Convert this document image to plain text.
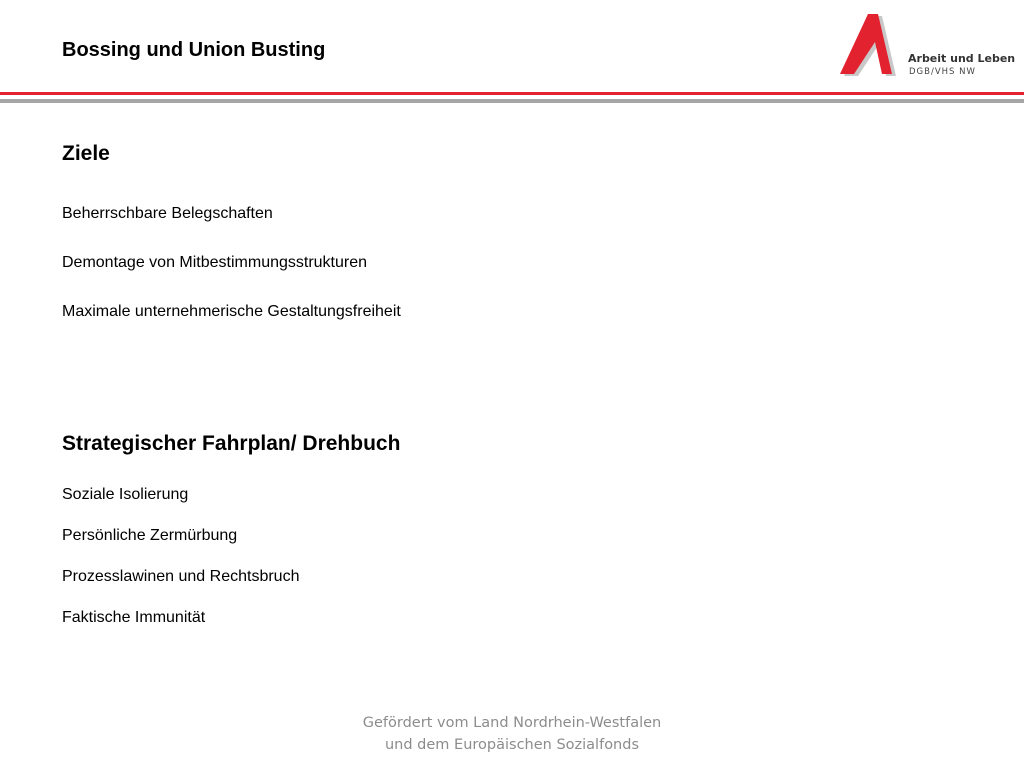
Bossing und Union Busting	Arbeit und Leben
DGB/VHS NW
Ziele
Beherrschbare Belegschaften
Demontage von Mitbestimmungsstrukturen
Maximale unternehmerische Gestaltungsfreiheit
Strategischer Fahrplan/ Drehbuch
Soziale Isolierung
Persönliche Zermürbung
Prozesslawinen und Rechtsbruch
Faktische Immunität
Gefördert vom Land Nordrhein-Westfalen
und dem Europäischen Sozialfonds
